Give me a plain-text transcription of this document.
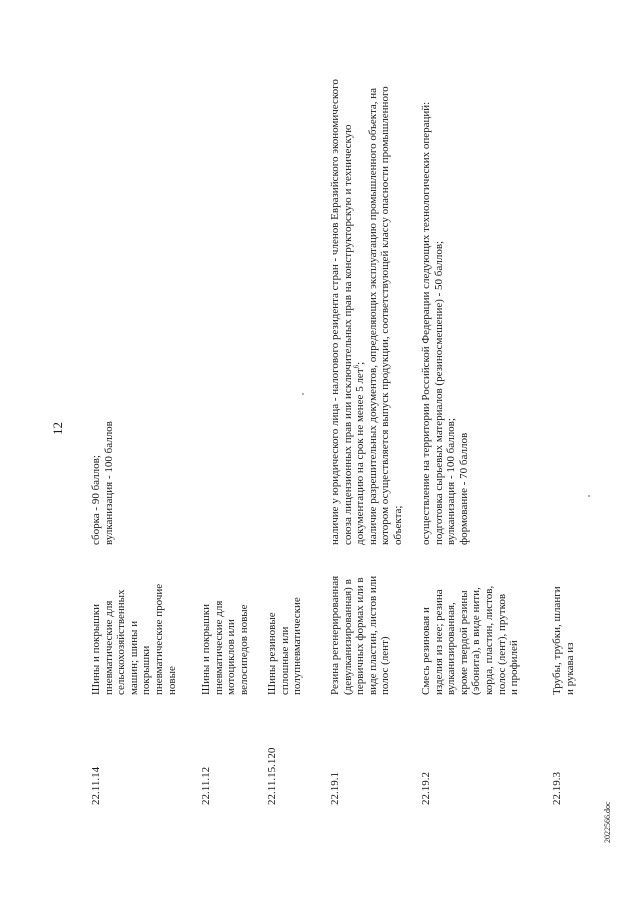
12
22.11.14
Шины и покрышки пневматические для сельскохозяйственных машин; шины и покрышки пневматические прочие новые
сборка - 90 баллов; вулканизация - 100 баллов
22.11.12
Шины и покрышки пневматические для мотоциклов или велосипедов новые
22.11.15.120
Шины резиновые сплошные или полупневматические
22.19.1
Резина регенерированная (девулканизированная) в первичных формах или в виде пластин, листов или полос (лент)
наличие у юридического лица - налогового резидента стран - членов Евразийского экономического союза лицензионных прав или исключительных прав на конструкторскую и техническую документацию на срок не менее 5 лет$^6$; наличие разрешительных документов, определяющих эксплуатацию промышленного объекта, на котором осуществляется выпуск продукции, соответствующей классу опасности промышленного объекта;
22.19.2
Смесь резиновая и изделия из нее; резина вулканизированная, кроме твердой резины (эбонита), в виде нити, корда, пластин, листов, полос (лент), прутков и профилей
осуществление на территории Российской Федерации следующих технологических операций: подготовка сырьевых материалов (резиносмешение) - 50 баллов; вулканизация - 100 баллов; формование - 70 баллов
22.19.3
Трубы, трубки, шланги и рукава из
2022566.doc
